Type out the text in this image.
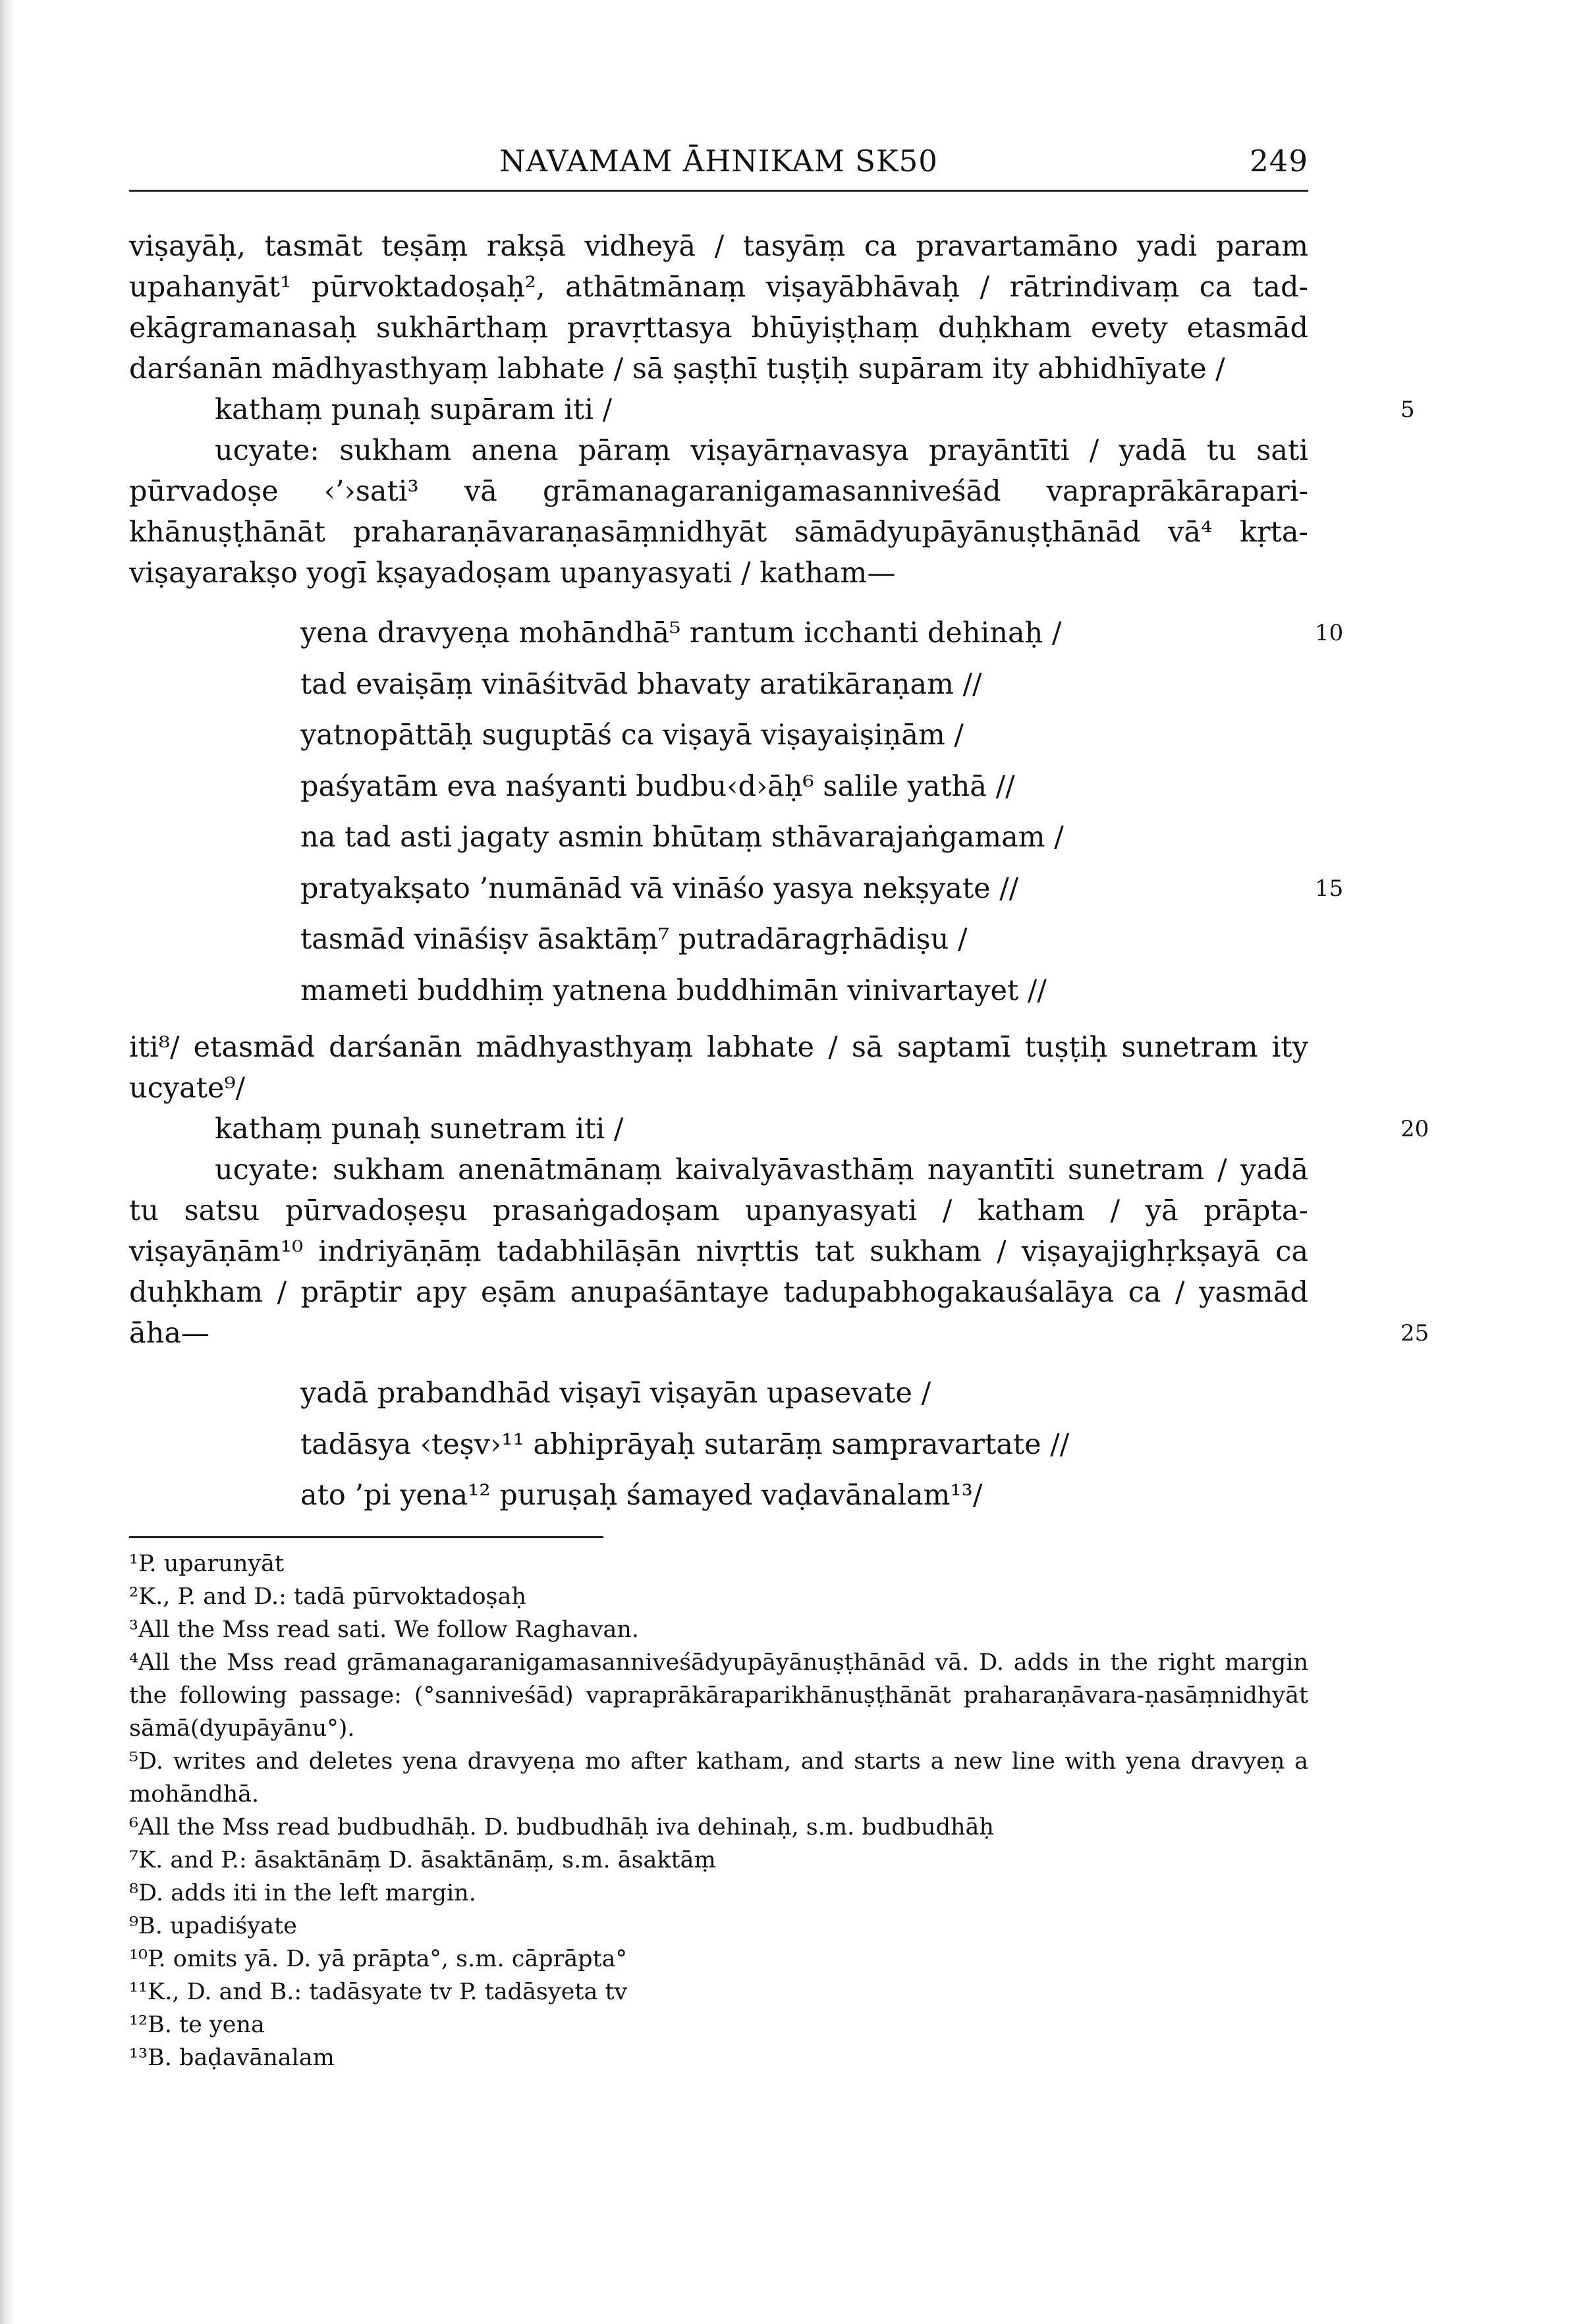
NAVAMAM ĀHNIKAM SK50	249

viṣayāḥ, tasmāt teṣāṃ rakṣā vidheyā / tasyāṃ ca pravartamāno yadi param upahanyāt¹ pūrvoktadoṣaḥ², athātmānaṃ viṣayābhāvaḥ / rātrindivaṃ ca tad-ekāgramanasaḥ sukhārthaṃ pravṛttasya bhūyiṣṭhaṃ duḥkham evety etasmād darśanān mādhyasthyaṃ labhate / sā ṣaṣṭhī tuṣṭiḥ supāram ity abhidhīyate /

kathaṃ punaḥ supāram iti /	5

ucyate: sukham anena pāraṃ viṣayārṇavasya prayāntīti / yadā tu sati pūrvadoṣe ‹’›sati³ vā grāmanagaranigamasanniveśād vapraprākārapari-khānuṣṭhānāt praharaṇāvaraṇasāṃnidhyāt sāmādyupāyānuṣṭhānād vā⁴ kṛta-viṣayarakṣo yogī kṣayadoṣam upanyasyati / katham—

yena dravyeṇa mohāndhā⁵ rantum icchanti dehinaḥ /	10

tad evaiṣāṃ vināśitvād bhavaty aratikāraṇam //

yatnopāttāḥ suguptāś ca viṣayā viṣayaiṣiṇām /

paśyatām eva naśyanti budbu‹d›āḥ⁶ salile yathā //

na tad asti jagaty asmin bhūtaṃ sthāvarajaṅgamam /

pratyakṣato ’numānād vā vināśo yasya nekṣyate //	15

tasmād vināśiṣv āsaktāṃ⁷ putradāragṛhādiṣu /

mameti buddhiṃ yatnena buddhimān vinivartayet //

iti⁸/ etasmād darśanān mādhyasthyaṃ labhate / sā saptamī tuṣṭiḥ sunetram ity ucyate⁹/

kathaṃ punaḥ sunetram iti /	20

ucyate: sukham anenātmānaṃ kaivalyāvasthāṃ nayantīti sunetram / yadā tu satsu pūrvadoṣeṣu prasaṅgadoṣam upanyasyati / katham / yā prāpta-viṣayāṇām¹⁰ indriyāṇāṃ tadabhilāṣān nivṛttis tat sukham / viṣayajighṛkṣayā ca duḥkham / prāptir apy eṣām anupaśāntaye tadupabhogakauśalāya ca / yasmād āha—	25

yadā prabandhād viṣayī viṣayān upasevate /

tadāsya ‹teṣv›¹¹ abhiprāyaḥ sutarāṃ sampravartate //

ato ’pi yena¹² puruṣaḥ śamayed vaḍavānalam¹³/

¹P. uparunyāt

²K., P. and D.: tadā pūrvoktadoṣaḥ

³All the Mss read sati. We follow Raghavan.

⁴All the Mss read grāmanagaranigamasanniveśādyupāyānuṣṭhānād vā. D. adds in the right margin the following passage: (°sanniveśād) vapraprākāraparikhānuṣṭhānāt praharaṇāvara-ṇasāṃnidhyāt sāmā(dyupāyānu°).

⁵D. writes and deletes yena dravyeṇa mo after katham, and starts a new line with yena dravyeṇ a mohāndhā.

⁶All the Mss read budbudhāḥ. D. budbudhāḥ iva dehinaḥ, s.m. budbudhāḥ

⁷K. and P.: āsaktānāṃ D. āsaktānāṃ, s.m. āsaktāṃ

⁸D. adds iti in the left margin.

⁹B. upadiśyate

¹⁰P. omits yā. D. yā prāpta°, s.m. cāprāpta°

¹¹K., D. and B.: tadāsyate tv P. tadāsyeta tv

¹²B. te yena

¹³B. baḍavānalam
